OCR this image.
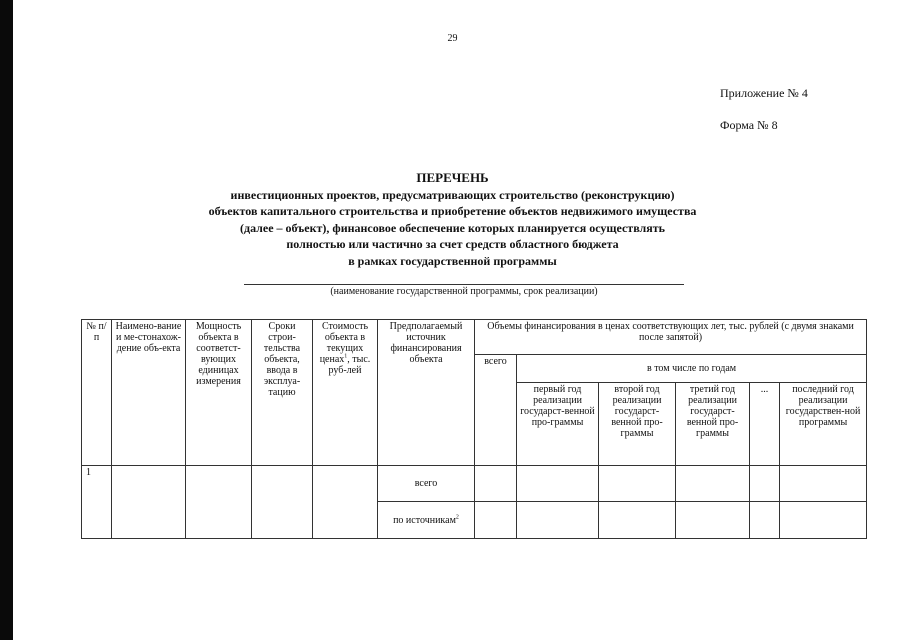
29
Приложение № 4
Форма № 8
ПЕРЕЧЕНЬ
инвестиционных проектов, предусматривающих строительство (реконструкцию)
объектов капитального строительства и приобретение объектов недвижимого имущества
(далее – объект), финансовое обеспечение которых планируется осуществлять
полностью или частично за счет средств областного бюджета
в рамках государственной программы
(наименование государственной программы, срок реализации)
№ п/п	Наимено-вание и ме-стонахож-дение объ-екта	Мощность объекта в соответст-вующих единицах измерения	Сроки строи-тельства объекта, ввода в эксплуа-тацию	Стоимость объекта в текущих ценах$^1$, тыс. руб-лей	Предполагаемый источник финансирования объекта	Объемы финансирования в ценах соответствующих лет, тыс. рублей (с двумя знаками после запятой)					
						всего	в том числе по годам				
							первый год реализации государст-венной про-граммы	второй год реализации государст-венной про-граммы	третий год реализации государст-венной про-граммы	...	последний год реализации государствен-ной программы
1					всего						
					по источникам$^2$						
